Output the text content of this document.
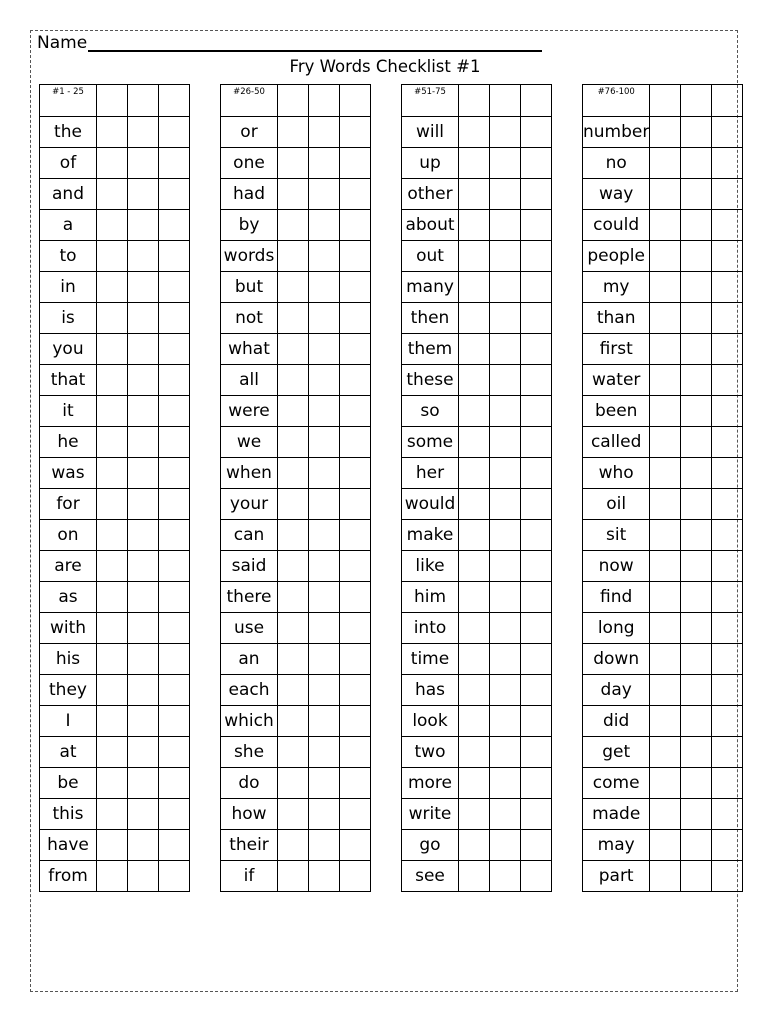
Name
Fry Words Checklist #1
#1 - 25			
the			
of			
and			
a			
to			
in			
is			
you			
that			
it			
he			
was			
for			
on			
are			
as			
with			
his			
they			
I			
at			
be			
this			
have			
from			
#26-50			
or			
one			
had			
by			
words			
but			
not			
what			
all			
were			
we			
when			
your			
can			
said			
there			
use			
an			
each			
which			
she			
do			
how			
their			
if			
#51-75			
will			
up			
other			
about			
out			
many			
then			
them			
these			
so			
some			
her			
would			
make			
like			
him			
into			
time			
has			
look			
two			
more			
write			
go			
see			
#76-100			
number			
no			
way			
could			
people			
my			
than			
first			
water			
been			
called			
who			
oil			
sit			
now			
find			
long			
down			
day			
did			
get			
come			
made			
may			
part			
